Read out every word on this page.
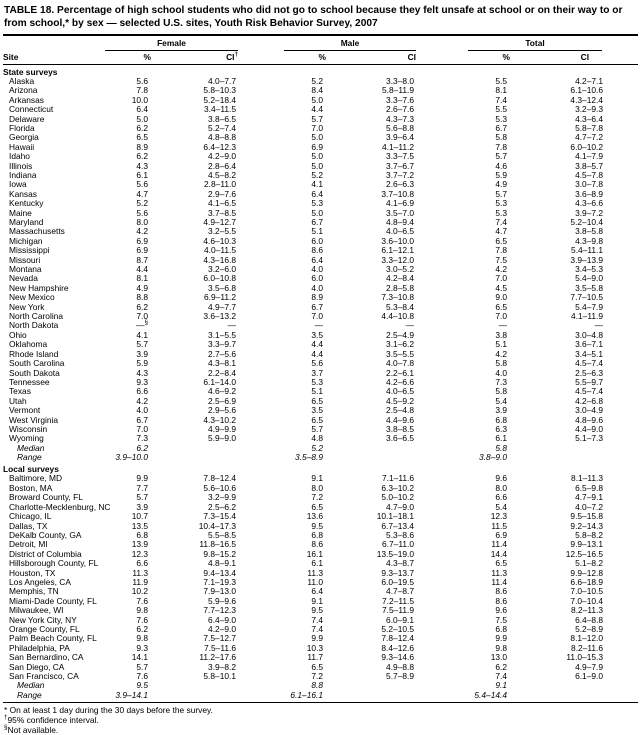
TABLE 18. Percentage of high school students who did not go to school because they felt unsafe at school or on their way to or from school,* by sex — selected U.S. sites, Youth Risk Behavior Survey, 2007

	Female		Male		Total	

Site	%	CI†	%	CI	%	CI
State surveys						
Alaska	5.6	4.0–7.7	5.2	3.3–8.0	5.5	4.2–7.1
Arizona	7.8	5.8–10.3	8.4	5.8–11.9	8.1	6.1–10.6
Arkansas	10.0	5.2–18.4	5.0	3.3–7.6	7.4	4.3–12.4
Connecticut	6.4	3.4–11.5	4.4	2.6–7.6	5.5	3.2–9.3
Delaware	5.0	3.8–6.5	5.7	4.3–7.3	5.3	4.3–6.4
Florida	6.2	5.2–7.4	7.0	5.6–8.8	6.7	5.8–7.8
Georgia	6.5	4.8–8.8	5.0	3.9–6.4	5.8	4.7–7.2
Hawaii	8.9	6.4–12.3	6.9	4.1–11.2	7.8	6.0–10.2
Idaho	6.2	4.2–9.0	5.0	3.3–7.5	5.7	4.1–7.9
Illinois	4.3	2.8–6.4	5.0	3.7–6.7	4.6	3.8–5.7
Indiana	6.1	4.5–8.2	5.2	3.7–7.2	5.9	4.5–7.8
Iowa	5.6	2.8–11.0	4.1	2.6–6.3	4.9	3.0–7.8
Kansas	4.7	2.9–7.6	6.4	3.7–10.8	5.7	3.6–8.9
Kentucky	5.2	4.1–6.5	5.3	4.1–6.9	5.3	4.3–6.6
Maine	5.6	3.7–8.5	5.0	3.5–7.0	5.3	3.9–7.2
Maryland	8.0	4.9–12.7	6.7	4.8–9.4	7.4	5.2–10.4
Massachusetts	4.2	3.2–5.5	5.1	4.0–6.5	4.7	3.8–5.8
Michigan	6.9	4.6–10.3	6.0	3.6–10.0	6.5	4.3–9.8
Mississippi	6.9	4.0–11.5	8.6	6.1–12.1	7.8	5.4–11.1
Missouri	8.7	4.3–16.8	6.4	3.3–12.0	7.5	3.9–13.9
Montana	4.4	3.2–6.0	4.0	3.0–5.2	4.2	3.4–5.3
Nevada	8.1	6.0–10.8	6.0	4.2–8.4	7.0	5.4–9.0
New Hampshire	4.9	3.5–6.8	4.0	2.8–5.8	4.5	3.5–5.8
New Mexico	8.8	6.9–11.2	8.9	7.3–10.8	9.0	7.7–10.5
New York	6.2	4.9–7.7	6.7	5.3–8.4	6.5	5.4–7.9
North Carolina	7.0	3.6–13.2	7.0	4.4–10.8	7.0	4.1–11.9
North Dakota	—§	—	—	—	—	—
Ohio	4.1	3.1–5.5	3.5	2.5–4.9	3.8	3.0–4.8
Oklahoma	5.7	3.3–9.7	4.4	3.1–6.2	5.1	3.6–7.1
Rhode Island	3.9	2.7–5.6	4.4	3.5–5.5	4.2	3.4–5.1
South Carolina	5.9	4.3–8.1	5.6	4.0–7.8	5.8	4.5–7.4
South Dakota	4.3	2.2–8.4	3.7	2.2–6.1	4.0	2.5–6.3
Tennessee	9.3	6.1–14.0	5.3	4.2–6.6	7.3	5.5–9.7
Texas	6.6	4.6–9.2	5.1	4.0–6.5	5.8	4.5–7.4
Utah	4.2	2.5–6.9	6.5	4.5–9.2	5.4	4.2–6.8
Vermont	4.0	2.9–5.6	3.5	2.5–4.8	3.9	3.0–4.9
West Virginia	6.7	4.3–10.2	6.5	4.4–9.6	6.8	4.8–9.6
Wisconsin	7.0	4.9–9.9	5.7	3.8–8.5	6.3	4.4–9.0
Wyoming	7.3	5.9–9.0	4.8	3.6–6.5	6.1	5.1–7.3
Median	6.2		5.2		5.8	

Range	3.9–10.0		3.5–8.9		3.8–9.0	

Local surveys						
Baltimore, MD	9.9	7.8–12.4	9.1	7.1–11.6	9.6	8.1–11.3
Boston, MA	7.7	5.6–10.6	8.0	6.3–10.2	8.0	6.5–9.8
Broward County, FL	5.7	3.2–9.9	7.2	5.0–10.2	6.6	4.7–9.1
Charlotte-Mecklenburg, NC	3.9	2.5–6.2	6.5	4.7–9.0	5.4	4.0–7.2
Chicago, IL	10.7	7.3–15.4	13.6	10.1–18.1	12.3	9.5–15.8
Dallas, TX	13.5	10.4–17.3	9.5	6.7–13.4	11.5	9.2–14.3
DeKalb County, GA	6.8	5.5–8.5	6.8	5.3–8.6	6.9	5.8–8.2
Detroit, MI	13.9	11.8–16.5	8.6	6.7–11.0	11.4	9.9–13.1
District of Columbia	12.3	9.8–15.2	16.1	13.5–19.0	14.4	12.5–16.5
Hillsborough County, FL	6.6	4.8–9.1	6.1	4.3–8.7	6.5	5.1–8.2
Houston, TX	11.3	9.4–13.4	11.3	9.3–13.7	11.3	9.9–12.8
Los Angeles, CA	11.9	7.1–19.3	11.0	6.0–19.5	11.4	6.6–18.9
Memphis, TN	10.2	7.9–13.0	6.4	4.7–8.7	8.6	7.0–10.5
Miami-Dade County, FL	7.6	5.9–9.6	9.1	7.2–11.5	8.6	7.0–10.4
Milwaukee, WI	9.8	7.7–12.3	9.5	7.5–11.9	9.6	8.2–11.3
New York City, NY	7.6	6.4–9.0	7.4	6.0–9.1	7.5	6.4–8.8
Orange County, FL	6.2	4.2–9.0	7.4	5.2–10.5	6.8	5.2–8.9
Palm Beach County, FL	9.8	7.5–12.7	9.9	7.8–12.4	9.9	8.1–12.0
Philadelphia, PA	9.3	7.5–11.6	10.3	8.4–12.6	9.8	8.2–11.6
San Bernardino, CA	14.1	11.2–17.6	11.7	9.3–14.6	13.0	11.0–15.3
San Diego, CA	5.7	3.9–8.2	6.5	4.9–8.8	6.2	4.9–7.9
San Francisco, CA	7.6	5.8–10.1	7.2	5.7–8.9	7.4	6.1–9.0
Median	9.5		8.8		9.1	

Range	3.9–14.1		6.1–16.1		5.4–14.4	

* On at least 1 day during the 30 days before the survey.
†95% confidence interval.
§Not available.
